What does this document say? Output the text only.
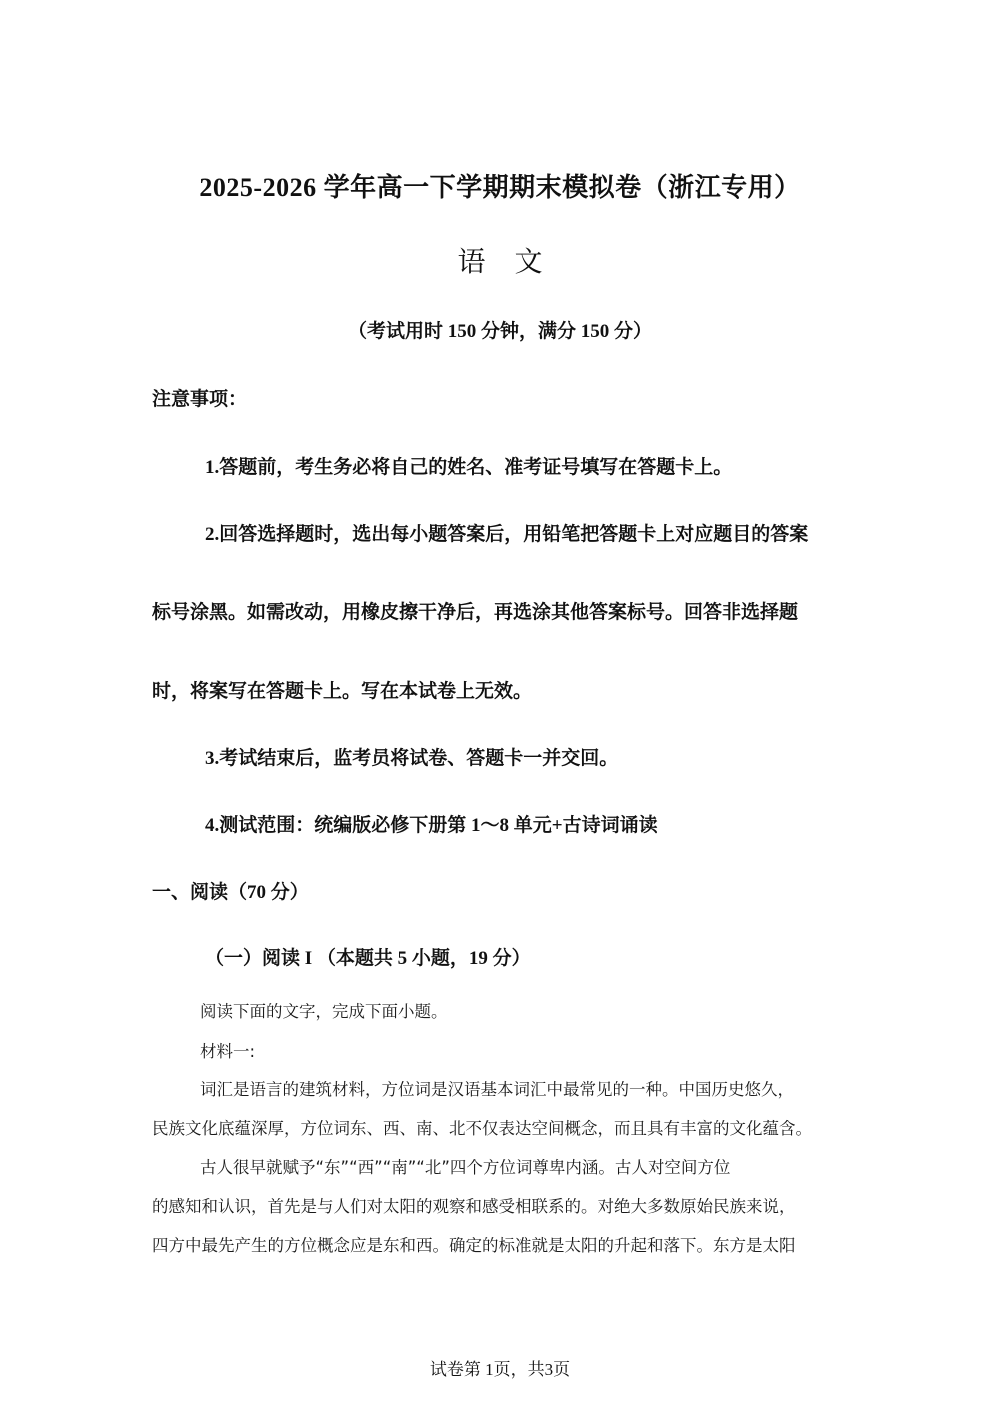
2025-2026 学年高一下学期期末模拟卷（浙江专用）
语 文
（考试用时 150 分钟，满分 150 分）
注意事项：
1.答题前，考生务必将自己的姓名、准考证号填写在答题卡上。
2.回答选择题时，选出每小题答案后，用铅笔把答题卡上对应题目的答案
标号涂黑。如需改动，用橡皮擦干净后，再选涂其他答案标号。回答非选择题
时，将案写在答题卡上。写在本试卷上无效。
3.考试结束后，监考员将试卷、答题卡一并交回。
4.测试范围：统编版必修下册第 1～8 单元+古诗词诵读
一、阅读（70 分）
（一）阅读 I （本题共 5 小题，19 分）
阅读下面的文字，完成下面小题。
材料一:
词汇是语言的建筑材料，方位词是汉语基本词汇中最常见的一种。中国历史悠久，
民族文化底蕴深厚，方位词东、西、南、北不仅表达空间概念，而且具有丰富的文化蕴含。
古人很早就赋予“东”“西”“南”“北”四个方位词尊卑内涵。古人对空间方位
的感知和认识，首先是与人们对太阳的观察和感受相联系的。对绝大多数原始民族来说，
四方中最先产生的方位概念应是东和西。确定的标准就是太阳的升起和落下。东方是太阳
试卷第 1页，共3页
